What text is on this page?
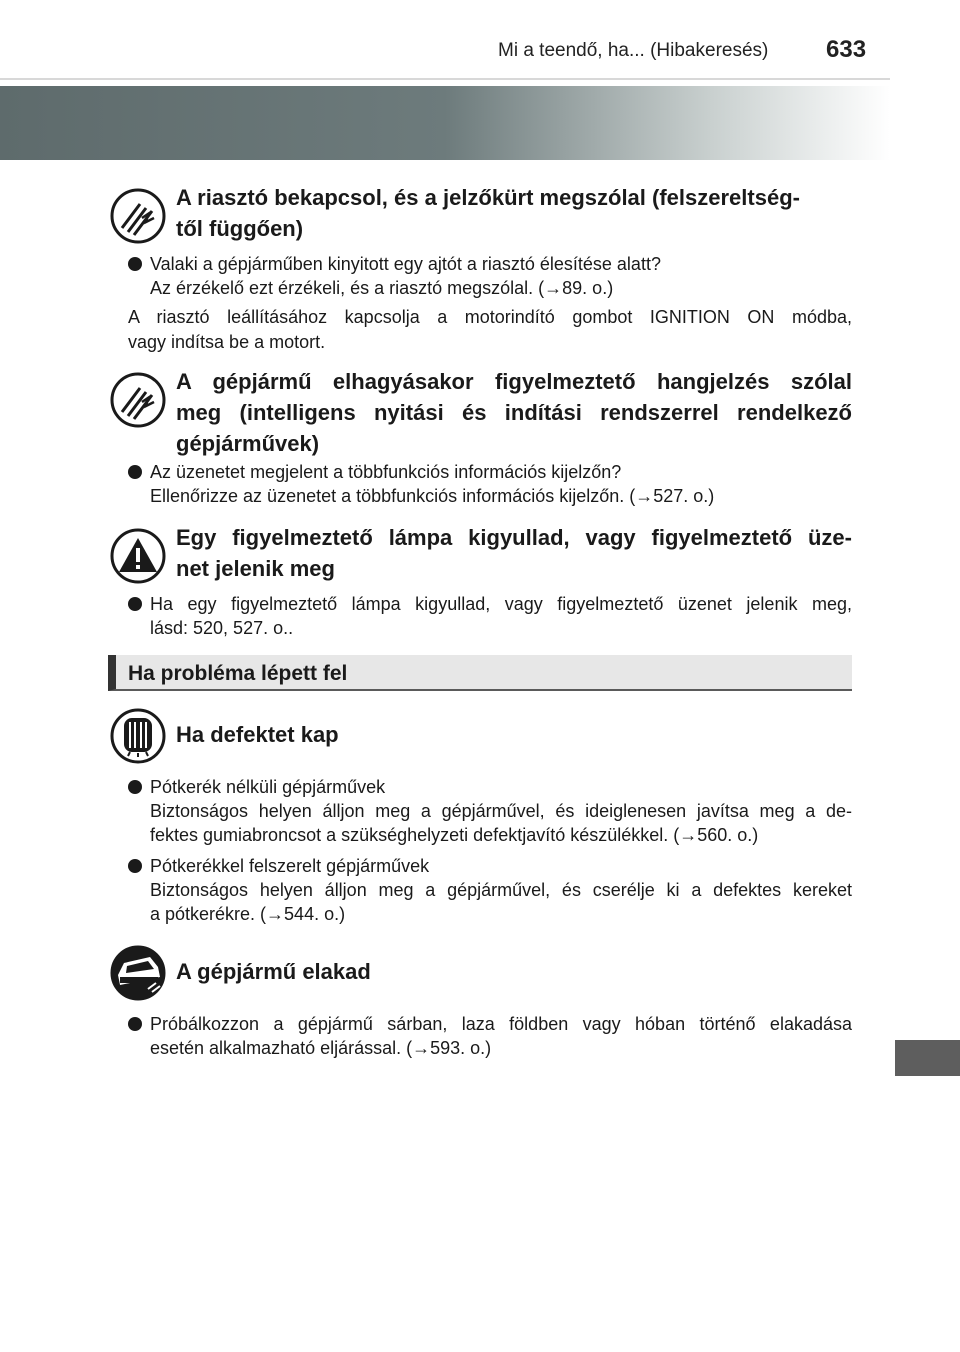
Mi a teendő, ha... (Hibakeresés) 633
A riasztó bekapcsol, és a jelzőkürt megszólal (felszereltség-
től függően)
Valaki a gépjárműben kinyitott egy ajtót a riasztó élesítése alatt?
Az érzékelő ezt érzékeli, és a riasztó megszólal. (→89. o.)
A riasztó leállításához kapcsolja a motorindító gombot IGNITION ON módba,
vagy indítsa be a motort.
A gépjármű elhagyásakor figyelmeztető hangjelzés szólal
meg (intelligens nyitási és indítási rendszerrel rendelkező
gépjárművek)
Az üzenetet megjelent a többfunkciós információs kijelzőn?
Ellenőrizze az üzenetet a többfunkciós információs kijelzőn. (→527. o.)
Egy figyelmeztető lámpa kigyullad, vagy figyelmeztető üze-
net jelenik meg
Ha egy figyelmeztető lámpa kigyullad, vagy figyelmeztető üzenet jelenik meg,
lásd: 520, 527. o..
Ha probléma lépett fel
Ha defektet kap
Pótkerék nélküli gépjárművek
Biztonságos helyen álljon meg a gépjárművel, és ideiglenesen javítsa meg a de-
fektes gumiabroncsot a szükséghelyzeti defektjavító készülékkel. (→560. o.)
Pótkerékkel felszerelt gépjárművek
Biztonságos helyen álljon meg a gépjárművel, és cserélje ki a defektes kereket
a pótkerékre. (→544. o.)
A gépjármű elakad
Próbálkozzon a gépjármű sárban, laza földben vagy hóban történő elakadása
esetén alkalmazható eljárással. (→593. o.)
